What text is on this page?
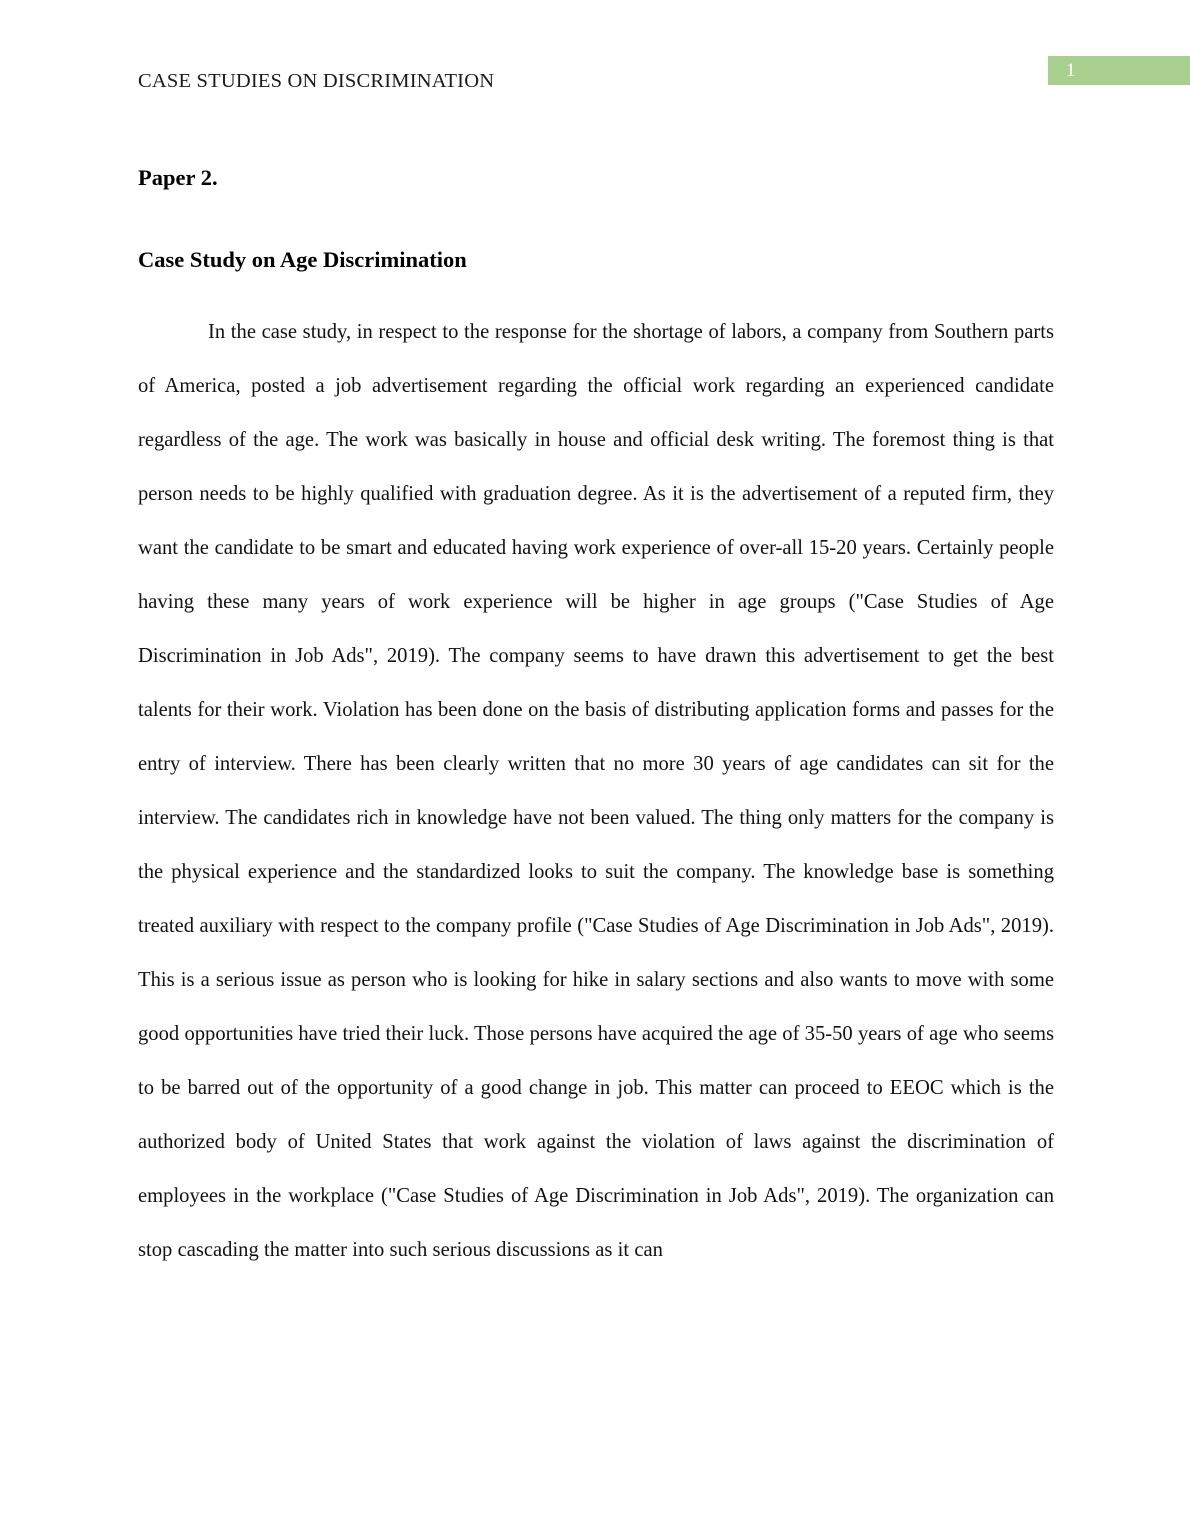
CASE STUDIES ON DISCRIMINATION	1
Paper 2.
Case Study on Age Discrimination

In the case study, in respect to the response for the shortage of labors, a company from Southern parts of America, posted a job advertisement regarding the official work regarding an experienced candidate regardless of the age. The work was basically in house and official desk writing. The foremost thing is that person needs to be highly qualified with graduation degree. As it is the advertisement of a reputed firm, they want the candidate to be smart and educated having work experience of over-all 15-20 years. Certainly people having these many years of work experience will be higher in age groups ("Case Studies of Age Discrimination in Job Ads", 2019). The company seems to have drawn this advertisement to get the best talents for their work. Violation has been done on the basis of distributing application forms and passes for the entry of interview. There has been clearly written that no more 30 years of age candidates can sit for the interview. The candidates rich in knowledge have not been valued. The thing only matters for the company is the physical experience and the standardized looks to suit the company. The knowledge base is something treated auxiliary with respect to the company profile ("Case Studies of Age Discrimination in Job Ads", 2019). This is a serious issue as person who is looking for hike in salary sections and also wants to move with some good opportunities have tried their luck. Those persons have acquired the age of 35-50 years of age who seems to be barred out of the opportunity of a good change in job. This matter can proceed to EEOC which is the authorized body of United States that work against the violation of laws against the discrimination of employees in the workplace ("Case Studies of Age Discrimination in Job Ads", 2019). The organization can stop cascading the matter into such serious discussions as it can
